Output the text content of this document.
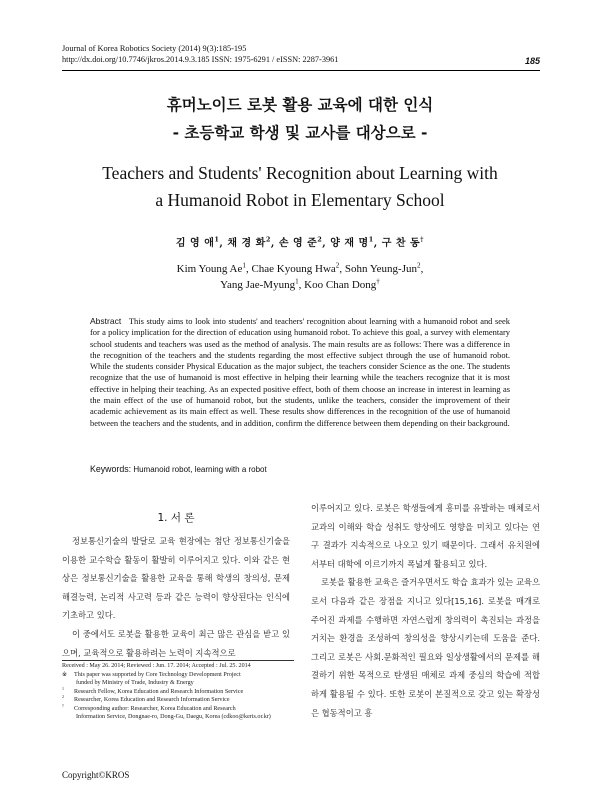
Journal of Korea Robotics Society (2014) 9(3):185-195
http://dx.doi.org/10.7746/jkros.2014.9.3.185 ISSN: 1975-6291 / eISSN: 2287-3961	185
휴머노이드 로봇 활용 교육에 대한 인식
- 초등학교 학생 및 교사를 대상으로 -
Teachers and Students' Recognition about Learning with
a Humanoid Robot in Elementary School
김 영 애$^1$, 채 경 화$^2$, 손 영 준$^2$, 양 재 명$^1$, 구 찬 동†
Kim Young Ae$^1$, Chae Kyoung Hwa$^2$, Sohn Yeung-Jun$^2$,
Yang Jae-Myung$^1$, Koo Chan Dong†
Abstract This study aims to look into students' and teachers' recognition about learning with a humanoid robot and seek for a policy implication for the direction of education using humanoid robot. To achieve this goal, a survey with elementary school students and teachers was used as the method of analysis. The main results are as follows: There was a difference in the recognition of the teachers and the students regarding the most effective subject through the use of humanoid robot. While the students consider Physical Education as the major subject, the teachers consider Science as the one. The students recognize that the use of humanoid is most effective in helping their learning while the teachers recognize that it is most effective in helping their teaching. As an expected positive effect, both of them choose an increase in interest in learning as the main effect of the use of humanoid robot, but the students, unlike the teachers, consider the improvement of their academic achievement as its main effect as well. These results show differences in the recognition of the use of humanoid between the teachers and the students, and in addition, confirm the difference between them depending on their background.
Keywords: Humanoid robot, learning with a robot
1. 서 론

정보통신기술의 발달로 교육 현장에는 첨단 정보통신기술을 이용한 교수학습 활동이 활발히 이루어지고 있다. 이와 같은 현상은 정보통신기술을 활용한 교육을 통해 학생의 창의성, 문제해결능력, 논리적 사고력 등과 같은 능력이 향상된다는 인식에 기초하고 있다.

이 중에서도 로봇을 활용한 교육이 최근 많은 관심을 받고 있으며, 교육적으로 활용하려는 노력이 지속적으로

이루어지고 있다. 로봇은 학생들에게 흥미를 유발하는 매체로서 교과의 이해와 학습 성취도 향상에도 영향을 미치고 있다는 연구 결과가 지속적으로 나오고 있기 때문이다. 그래서 유치원에서부터 대학에 이르기까지 폭넓게 활용되고 있다.

로봇을 활용한 교육은 즐거우면서도 학습 효과가 있는 교육으로서 다음과 같은 장점을 지니고 있다[15,16]. 로봇을 매개로 주어진 과제를 수행하면 자연스럽게 창의력이 촉진되는 과정을 거치는 환경을 조성하여 창의성을 향상시키는데 도움을 준다. 그리고 로봇은 사회.문화적인 필요와 일상생활에서의 문제를 해결하기 위한 목적으로 탄생된 매체로 과제 중심의 학습에 적합하게 활용될 수 있다. 또한 로봇이 본질적으로 갖고 있는 확장성은 협동적이고 흥

Received : May 26. 2014; Reviewed : Jun. 17. 2014; Accepted : Jul. 25. 2014
※ This paper was supported by Core Technology Development Project
funded by Ministry of Trade, Industry & Energy
$^1$Research Fellow, Korea Education and Research Information Service
$^2$Researcher, Korea Education and Research Information Service
†Corresponding author: Researcher, Korea Education and Research
Information Service, Dongnae-ro, Dong-Gu, Daegu, Korea (cdkoo@keris.or.kr)
Copyright©KROS
